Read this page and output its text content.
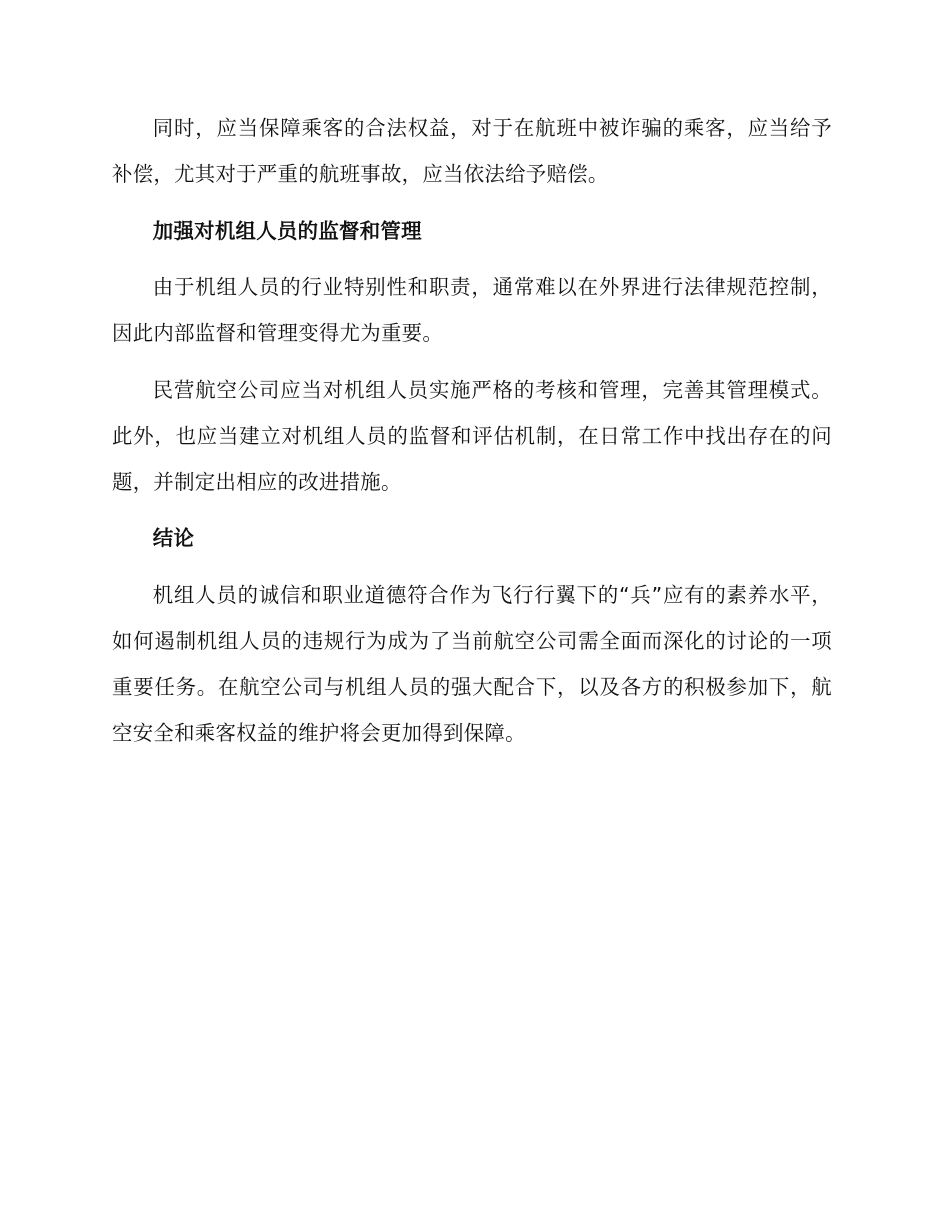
同时，应当保障乘客的合法权益，对于在航班中被诈骗的乘客，应当给予补偿，尤其对于严重的航班事故，应当依法给予赔偿。

加强对机组人员的监督和管理

由于机组人员的行业特别性和职责，通常难以在外界进行法律规范控制，因此内部监督和管理变得尤为重要。

民营航空公司应当对机组人员实施严格的考核和管理，完善其管理模式。此外，也应当建立对机组人员的监督和评估机制，在日常工作中找出存在的问题，并制定出相应的改进措施。

结论

机组人员的诚信和职业道德符合作为飞行行翼下的“兵”应有的素养水平，如何遏制机组人员的违规行为成为了当前航空公司需全面而深化的讨论的一项重要任务。在航空公司与机组人员的强大配合下，以及各方的积极参加下，航空安全和乘客权益的维护将会更加得到保障。
